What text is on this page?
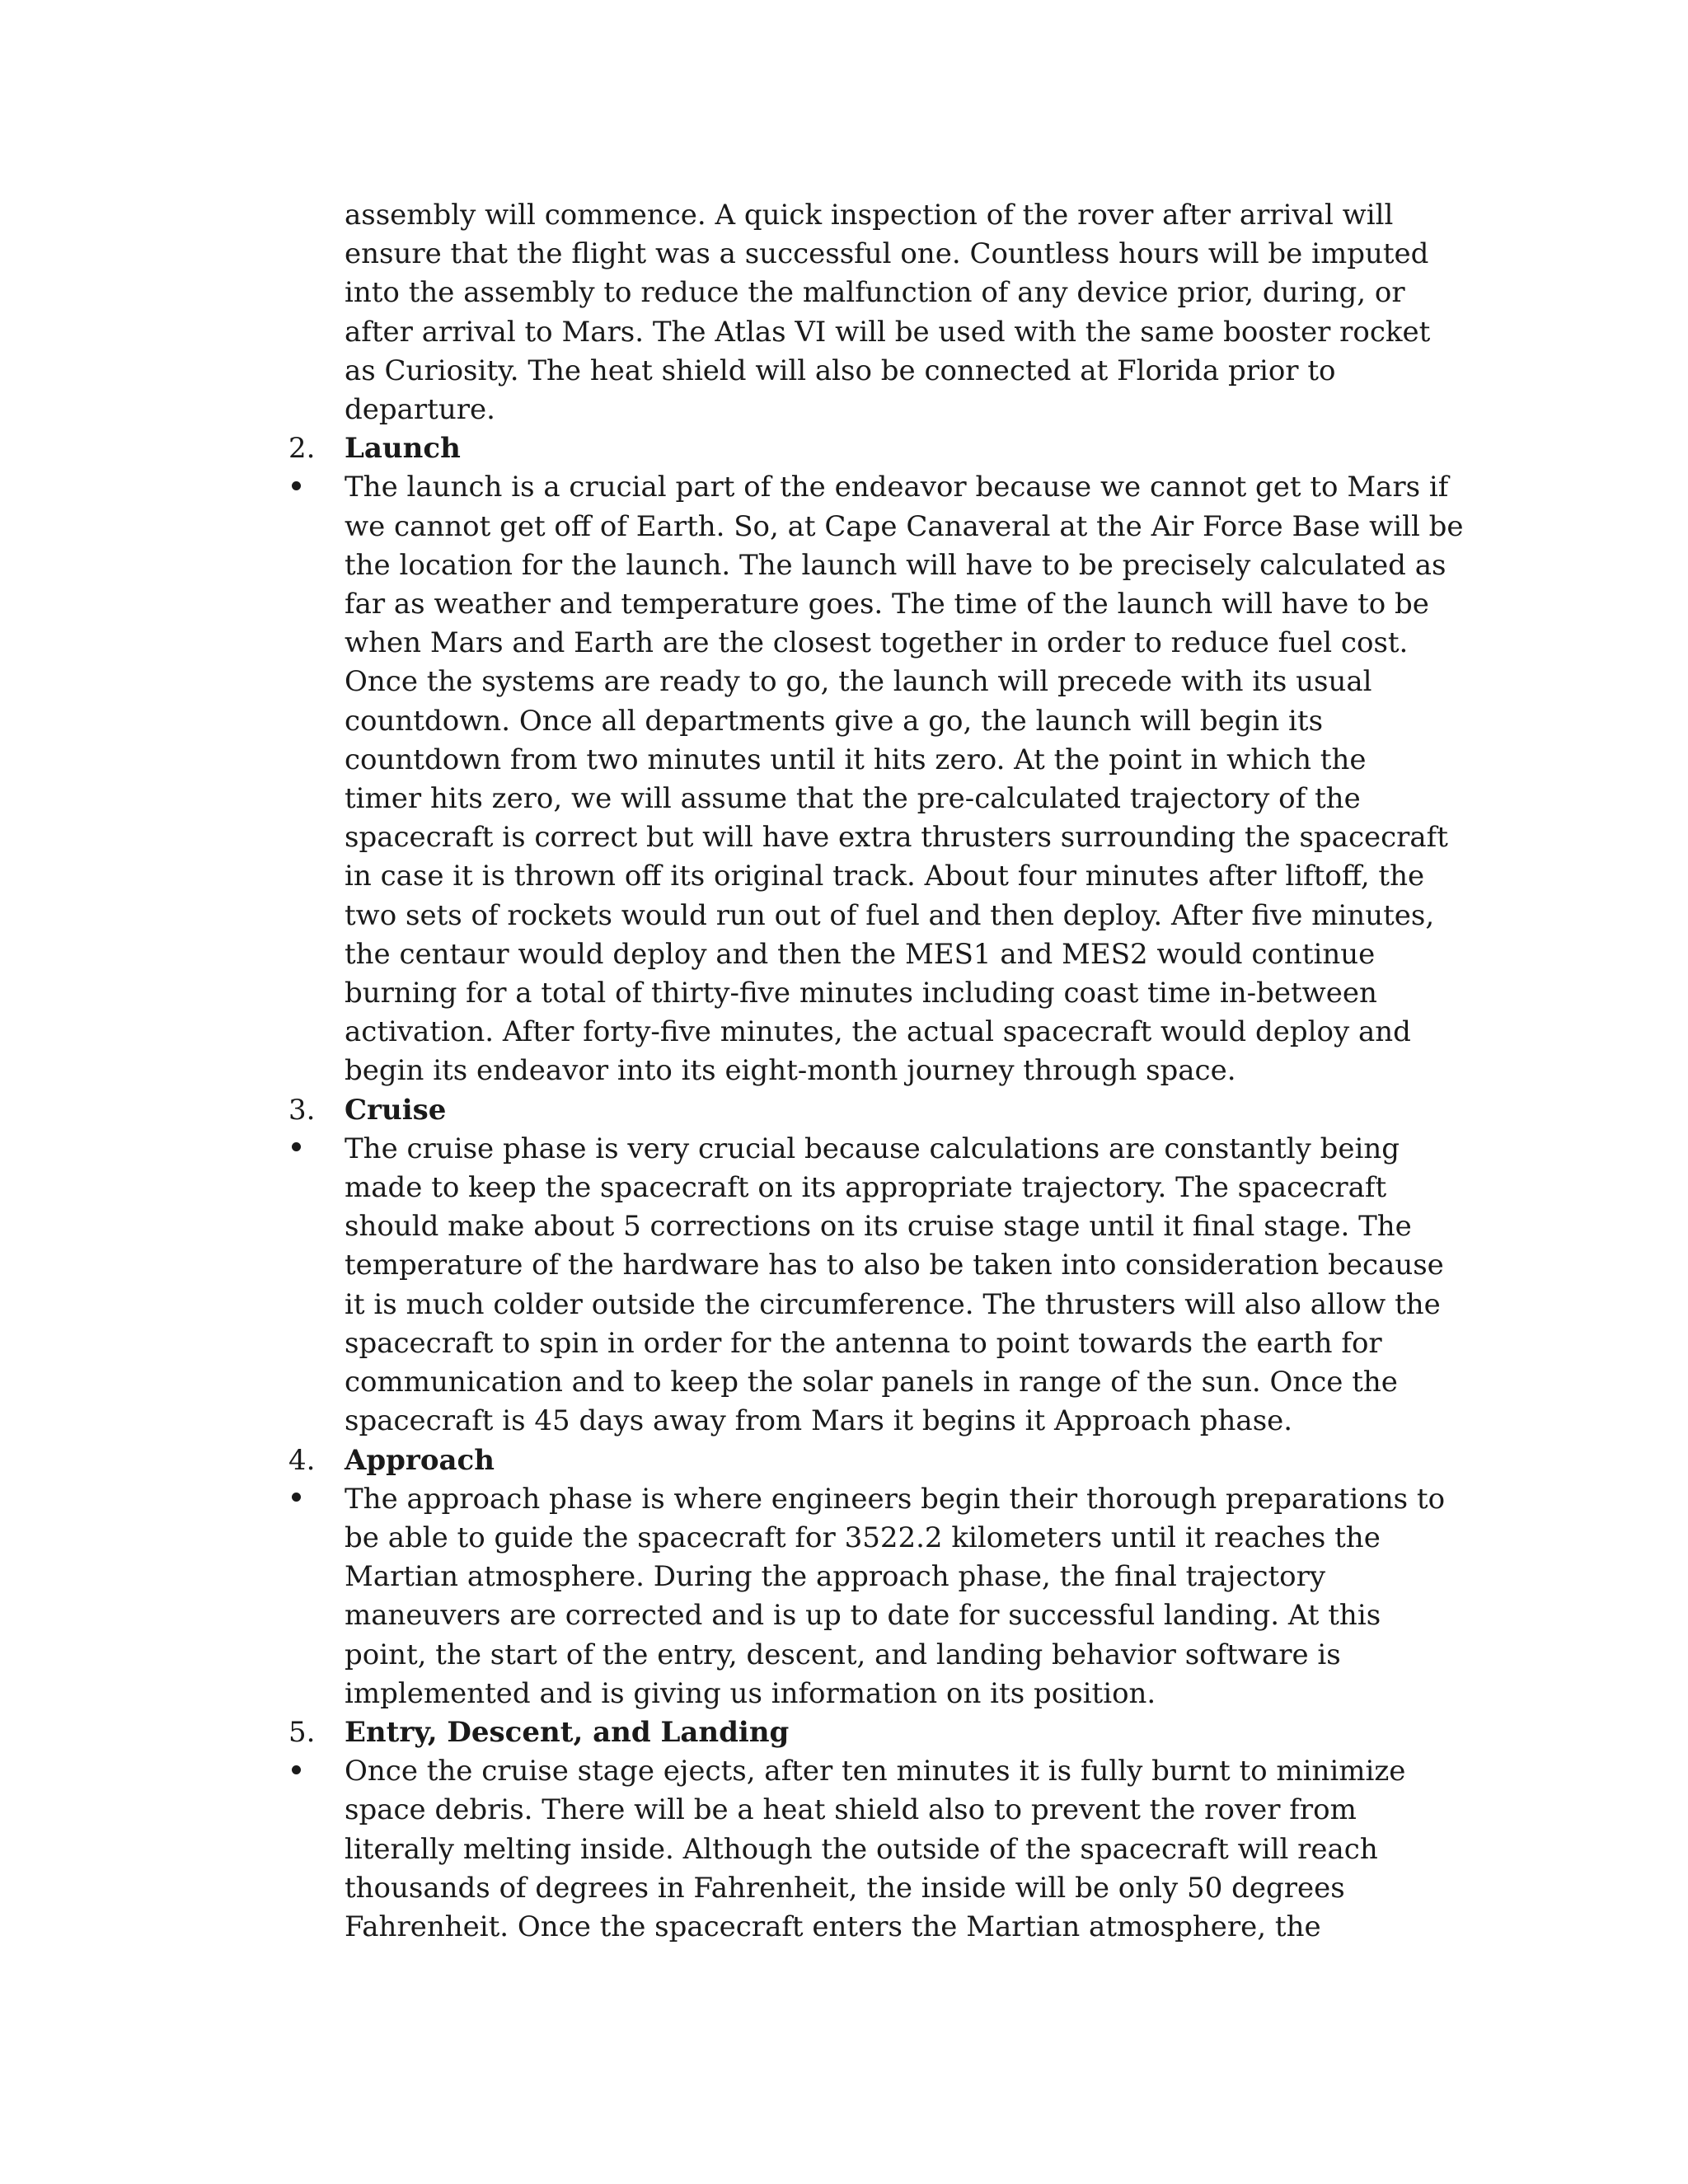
assembly will commence. A quick inspection of the rover after arrival will
ensure that the flight was a successful one. Countless hours will be imputed
into the assembly to reduce the malfunction of any device prior, during, or
after arrival to Mars. The Atlas VI will be used with the same booster rocket
as Curiosity. The heat shield will also be connected at Florida prior to
departure.
2.	Launch
The launch is a crucial part of the endeavor because we cannot get to Mars if
we cannot get off of Earth. So, at Cape Canaveral at the Air Force Base will be
the location for the launch. The launch will have to be precisely calculated as
far as weather and temperature goes. The time of the launch will have to be
when Mars and Earth are the closest together in order to reduce fuel cost.
Once the systems are ready to go, the launch will precede with its usual
countdown. Once all departments give a go, the launch will begin its
countdown from two minutes until it hits zero. At the point in which the
timer hits zero, we will assume that the pre-calculated trajectory of the
spacecraft is correct but will have extra thrusters surrounding the spacecraft
in case it is thrown off its original track. About four minutes after liftoff, the
two sets of rockets would run out of fuel and then deploy. After five minutes,
the centaur would deploy and then the MES1 and MES2 would continue
burning for a total of thirty-five minutes including coast time in-between
activation. After forty-five minutes, the actual spacecraft would deploy and
begin its endeavor into its eight-month journey through space.
3.	Cruise
The cruise phase is very crucial because calculations are constantly being
made to keep the spacecraft on its appropriate trajectory. The spacecraft
should make about 5 corrections on its cruise stage until it final stage. The
temperature of the hardware has to also be taken into consideration because
it is much colder outside the circumference. The thrusters will also allow the
spacecraft to spin in order for the antenna to point towards the earth for
communication and to keep the solar panels in range of the sun. Once the
spacecraft is 45 days away from Mars it begins it Approach phase.
4.	Approach
The approach phase is where engineers begin their thorough preparations to
be able to guide the spacecraft for 3522.2 kilometers until it reaches the
Martian atmosphere. During the approach phase, the final trajectory
maneuvers are corrected and is up to date for successful landing. At this
point, the start of the entry, descent, and landing behavior software is
implemented and is giving us information on its position.
5.	Entry, Descent, and Landing
Once the cruise stage ejects, after ten minutes it is fully burnt to minimize
space debris. There will be a heat shield also to prevent the rover from
literally melting inside. Although the outside of the spacecraft will reach
thousands of degrees in Fahrenheit, the inside will be only 50 degrees
Fahrenheit. Once the spacecraft enters the Martian atmosphere, the
